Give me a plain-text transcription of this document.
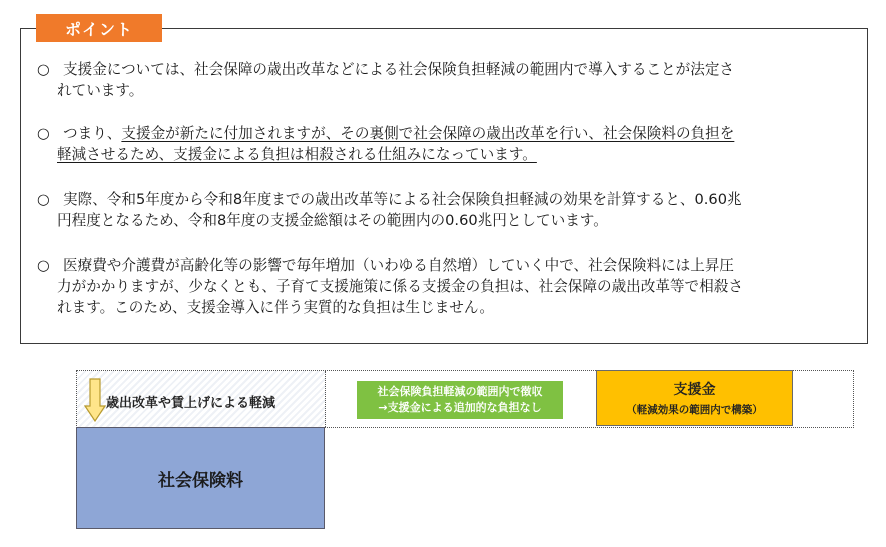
ポイント
○ 支援金については、社会保障の歳出改革などによる社会保険負担軽減の範囲内で導入することが法定さ
れています。
○ つまり、支援金が新たに付加されますが、その裏側で社会保障の歳出改革を行い、社会保険料の負担を
軽減させるため、支援金による負担は相殺される仕組みになっています。
○ 実際、令和5年度から令和8年度までの歳出改革等による社会保険負担軽減の効果を計算すると、0.60兆
円程度となるため、令和8年度の支援金総額はその範囲内の0.60兆円としています。
○ 医療費や介護費が高齢化等の影響で毎年増加（いわゆる自然増）していく中で、社会保険料には上昇圧
力がかかりますが、少なくとも、子育て支援施策に係る支援金の負担は、社会保障の歳出改革等で相殺さ
れます。このため、支援金導入に伴う実質的な負担は生じません。
歳出改革や賃上げによる軽減
社会保険負担軽減の範囲内で徴収
→支援金による追加的な負担なし
支援金
（軽減効果の範囲内で構築）
社会保険料
